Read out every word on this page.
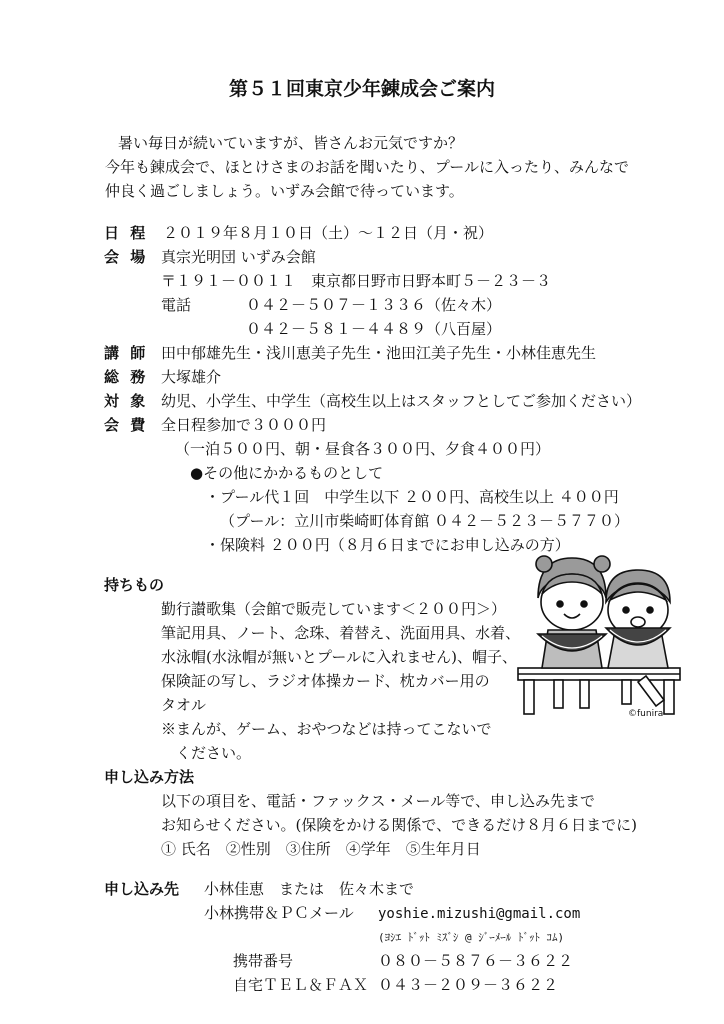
第５１回東京少年錬成会ご案内
暑い毎日が続いていますが、皆さんお元気ですか？
今年も錬成会で、ほとけさまのお話を聞いたり、プールに入ったり、みんなで
仲良く過ごしましょう。いずみ会館で待っています。
日 程 ２０１９年８月１０日（土）～１２日（月・祝）
会 場 真宗光明団 いずみ会館
〒１９１－００１１　東京都日野市日野本町５－２３－３
電話	０４２－５０７－１３３６（佐々木）
０４２－５８１－４４８９（八百屋）
講 師 田中郁雄先生・浅川恵美子先生・池田江美子先生・小林佳恵先生
総 務 大塚雄介
対 象 幼児、小学生、中学生（高校生以上はスタッフとしてご参加ください）
会 費 全日程参加で３０００円
（一泊５００円、朝・昼食各３００円、夕食４００円）
●その他にかかるものとして
・プール代１回　中学生以下 ２００円、高校生以上 ４００円
（プール：立川市柴崎町体育館 ０４２－５２３－５７７０）
・保険料 ２００円（８月６日までにお申し込みの方）
持ちもの
勤行讃歌集（会館で販売しています＜２００円＞）
筆記用具、ノート、念珠、着替え、洗面用具、水着、
水泳帽(水泳帽が無いとプールに入れません)、帽子、
保険証の写し、ラジオ体操カード、枕カバー用の
タオル
※まんが、ゲーム、おやつなどは持ってこないで
ください。
©funira
申し込み方法
以下の項目を、電話・ファックス・メール等で、申し込み先まで
お知らせください。(保険をかける関係で、できるだけ８月６日までに)
① 氏名　②性別　③住所　④学年　⑤生年月日
申し込み先 小林佳恵　または　佐々木まで
小林携帯＆ＰＣメール yoshie.mizushi@gmail.com
(ﾖｼｴ ﾄﾞｯﾄ ﾐｽﾞｼ @ ｼﾞｰﾒｰﾙ ﾄﾞｯﾄ ｺﾑ)
携帯番号	０８０－５８７６－３６２２
自宅ＴＥＬ＆ＦＡＸ ０４３－２０９－３６２２
